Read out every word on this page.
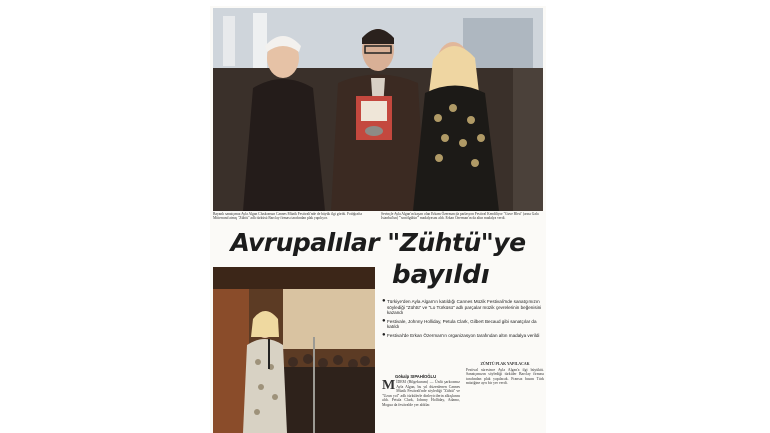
Bayanlı sanatçımız Ayla Algan Cluskonsun Cannes Müzik Festivali'nde de büyük ilgi gördü. Fotöğrafta Mitterrand atmış "Zühtü" adlı türküsü Barclay firması tarafından plak yapılıyor.
Sevinçle Ayla Algan'ın kaşarı olan Erkam Özerman da parlasyon Festival Kendiliyor "Guve Bleu" (arası Gala İstanbul'un) "'sonölgülün'" madalyasını aldı. Erkan Özerman'ın da altın madalya verdi.
Avrupalılar "Zühtü"ye
bayıldı
● Türkiye'den Ayla Algan'ın katıldığı Cannes Müzik Festivali'nde sanatçımızın söylediği "Zühtü" ve "Lo Türküsü" adlı parçalar müzik çevrelerinin beğenisini kazandı
● Festivale, Johnny Holliday, Petula Clark, Gilbert Becaud gibi sanatçılar da katıldı
● Festival'de Erkan Özerman'ın organizasyon tarafından altın madalya verildi
Gökalp SIPAHİOĞLU
M İDEM (Bilgekurum) — Ünlü şarkıcımız Ayla Algan, bu yıl düzenlenen Cannes Müzik Festivali'nde söylediği "Zühtü" ve "Uzun yol" adlı türkülerle dinleyicilerin alkışlarını aldı. Petula Clark, Johnny Holliday, Adamo, Mogua da festivalde yer aldılar.
ZÜMTÜ PLAK YAPILACAK
Festival süresince Ayla Algan'a ilgi büyüktü. Sanatçımızın söylediği türküler Barclay firması tarafından plak yapılacak. Fransız basını Türk müziğine ayrı bir yer verdi.
